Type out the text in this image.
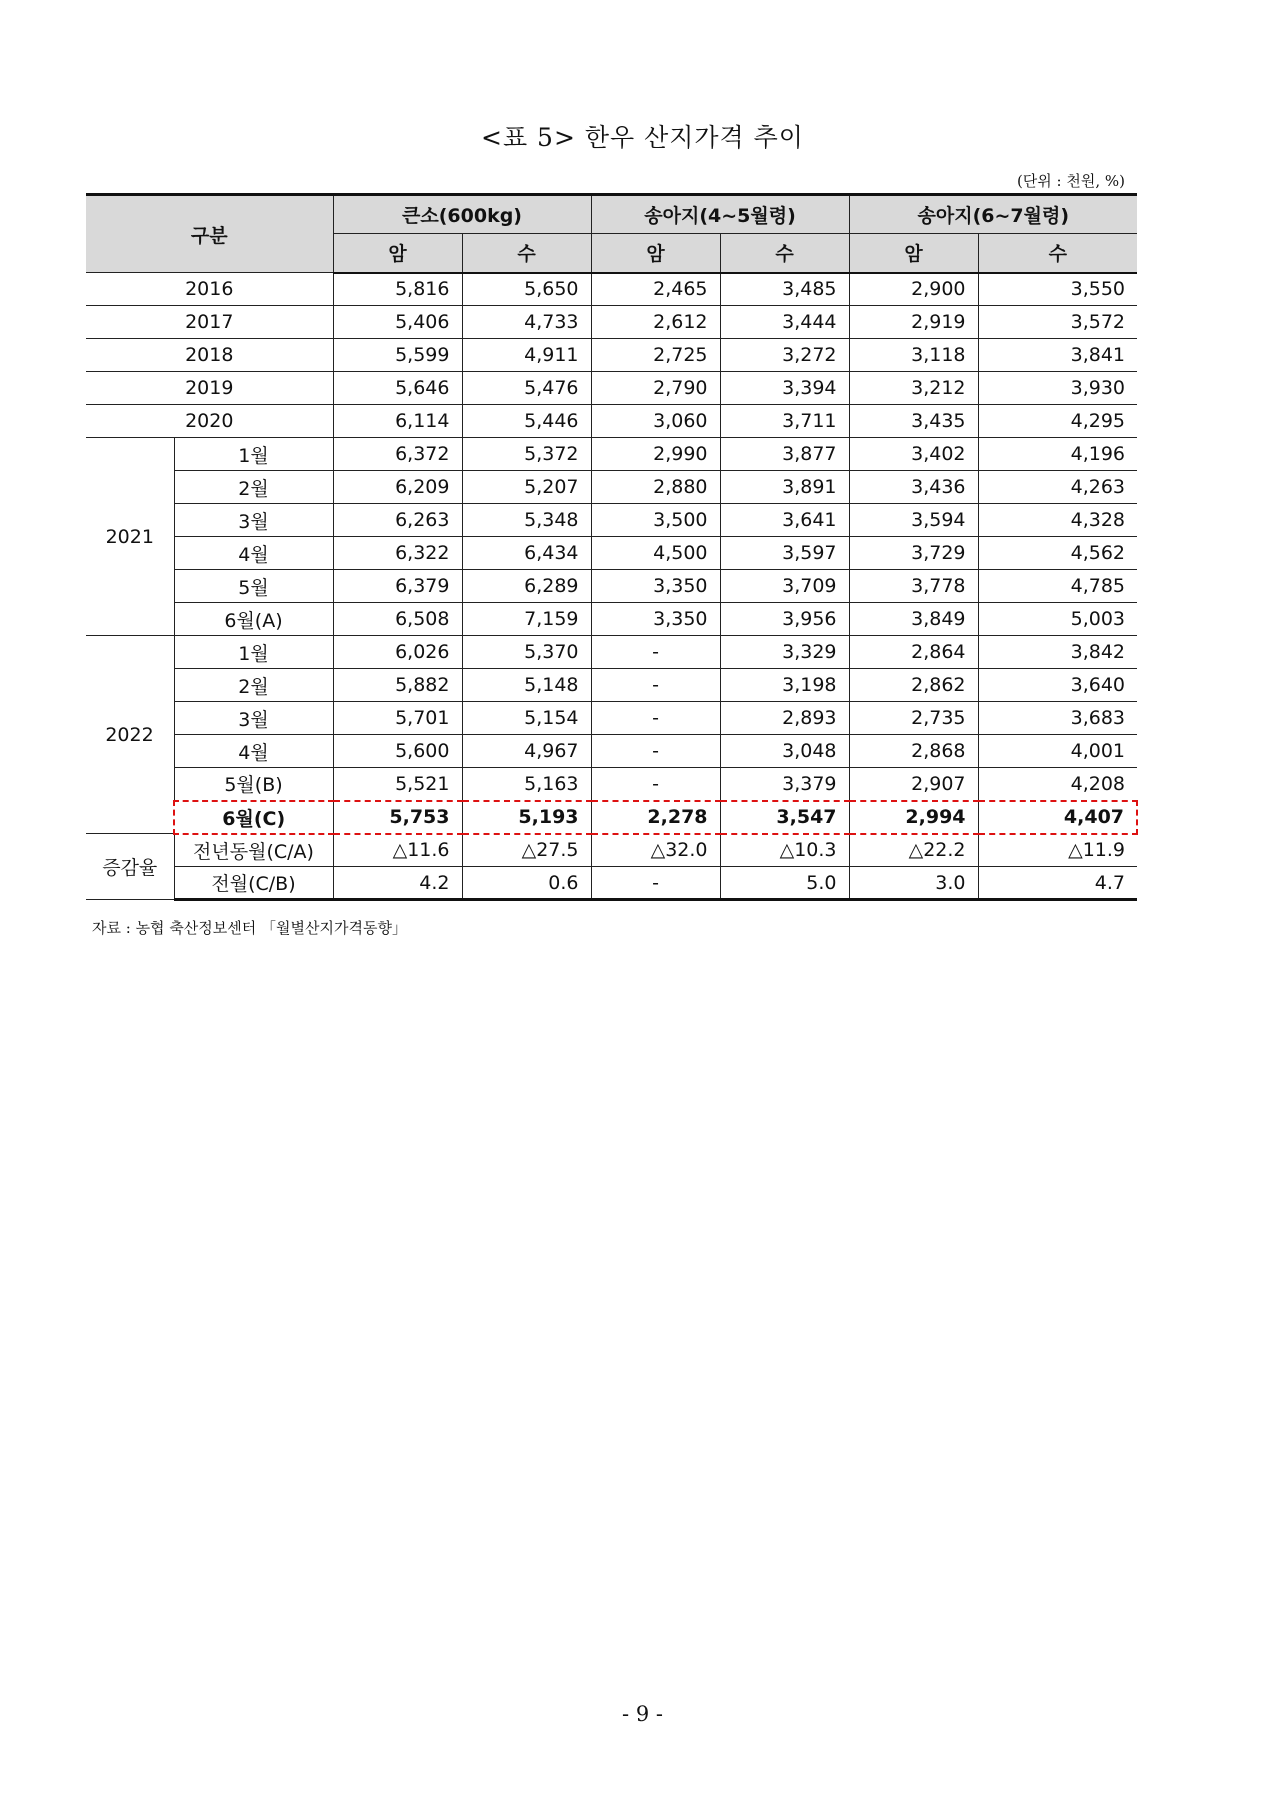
<표 5> 한우 산지가격 추이
(단위 : 천원, %)
구분		큰소(600kg)		송아지(4~5월령)		송아지(6~7월령)	
		암	수	암	수	암	수
2016		5,816	5,650	2,465	3,485	2,900	3,550
2017		5,406	4,733	2,612	3,444	2,919	3,572
2018		5,599	4,911	2,725	3,272	3,118	3,841
2019		5,646	5,476	2,790	3,394	3,212	3,930
2020		6,114	5,446	3,060	3,711	3,435	4,295
2021	1월	6,372	5,372	2,990	3,877	3,402	4,196
	2월	6,209	5,207	2,880	3,891	3,436	4,263
	3월	6,263	5,348	3,500	3,641	3,594	4,328
	4월	6,322	6,434	4,500	3,597	3,729	4,562
	5월	6,379	6,289	3,350	3,709	3,778	4,785
	6월(A)	6,508	7,159	3,350	3,956	3,849	5,003
2022	1월	6,026	5,370	-	3,329	2,864	3,842
	2월	5,882	5,148	-	3,198	2,862	3,640
	3월	5,701	5,154	-	2,893	2,735	3,683
	4월	5,600	4,967	-	3,048	2,868	4,001
	5월(B)	5,521	5,163	-	3,379	2,907	4,208
	6월(C)	5,753	5,193	2,278	3,547	2,994	4,407
증감율	전년동월(C/A)	△11.6	△27.5	△32.0	△10.3	△22.2	△11.9
	전월(C/B)	4.2	0.6	-	5.0	3.0	4.7
자료 : 농협 축산정보센터 「월별산지가격동향」
- 9 -
